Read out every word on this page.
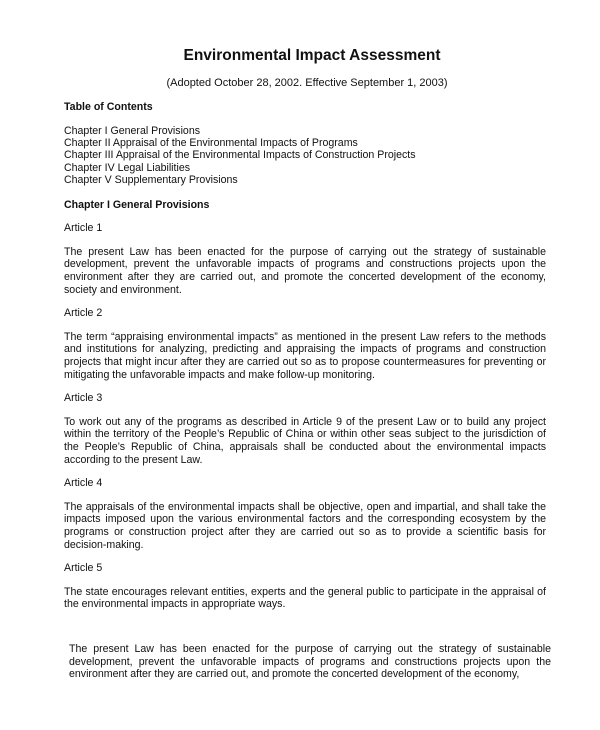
Environmental Impact Assessment

(Adopted October 28, 2002. Effective September 1, 2003)

Table of Contents
Chapter I General Provisions
Chapter II Appraisal of the Environmental Impacts of Programs
Chapter III Appraisal of the Environmental Impacts of Construction Projects
Chapter IV Legal Liabilities
Chapter V Supplementary Provisions
Chapter I General Provisions

Article 1

The present Law has been enacted for the purpose of carrying out the strategy of sustainable development, prevent the unfavorable impacts of programs and constructions projects upon the environment after they are carried out, and promote the concerted development of the economy, society and environment.

Article 2

The term “appraising environmental impacts” as mentioned in the present Law refers to the methods and institutions for analyzing, predicting and appraising the impacts of programs and construction projects that might incur after they are carried out so as to propose countermeasures for preventing or mitigating the unfavorable impacts and make follow-up monitoring.

Article 3

To work out any of the programs as described in Article 9 of the present Law or to build any project within the territory of the People’s Republic of China or within other seas subject to the jurisdiction of the People’s Republic of China, appraisals shall be conducted about the environmental impacts according to the present Law.

Article 4

The appraisals of the environmental impacts shall be objective, open and impartial, and shall take the impacts imposed upon the various environmental factors and the corresponding ecosystem by the programs or construction project after they are carried out so as to provide a scientific basis for decision-making.

Article 5

The state encourages relevant entities, experts and the general public to participate in the appraisal of the environmental impacts in appropriate ways.

The present Law has been enacted for the purpose of carrying out the strategy of sustainable development, prevent the unfavorable impacts of programs and constructions projects upon the environment after they are carried out, and promote the concerted development of the economy,
